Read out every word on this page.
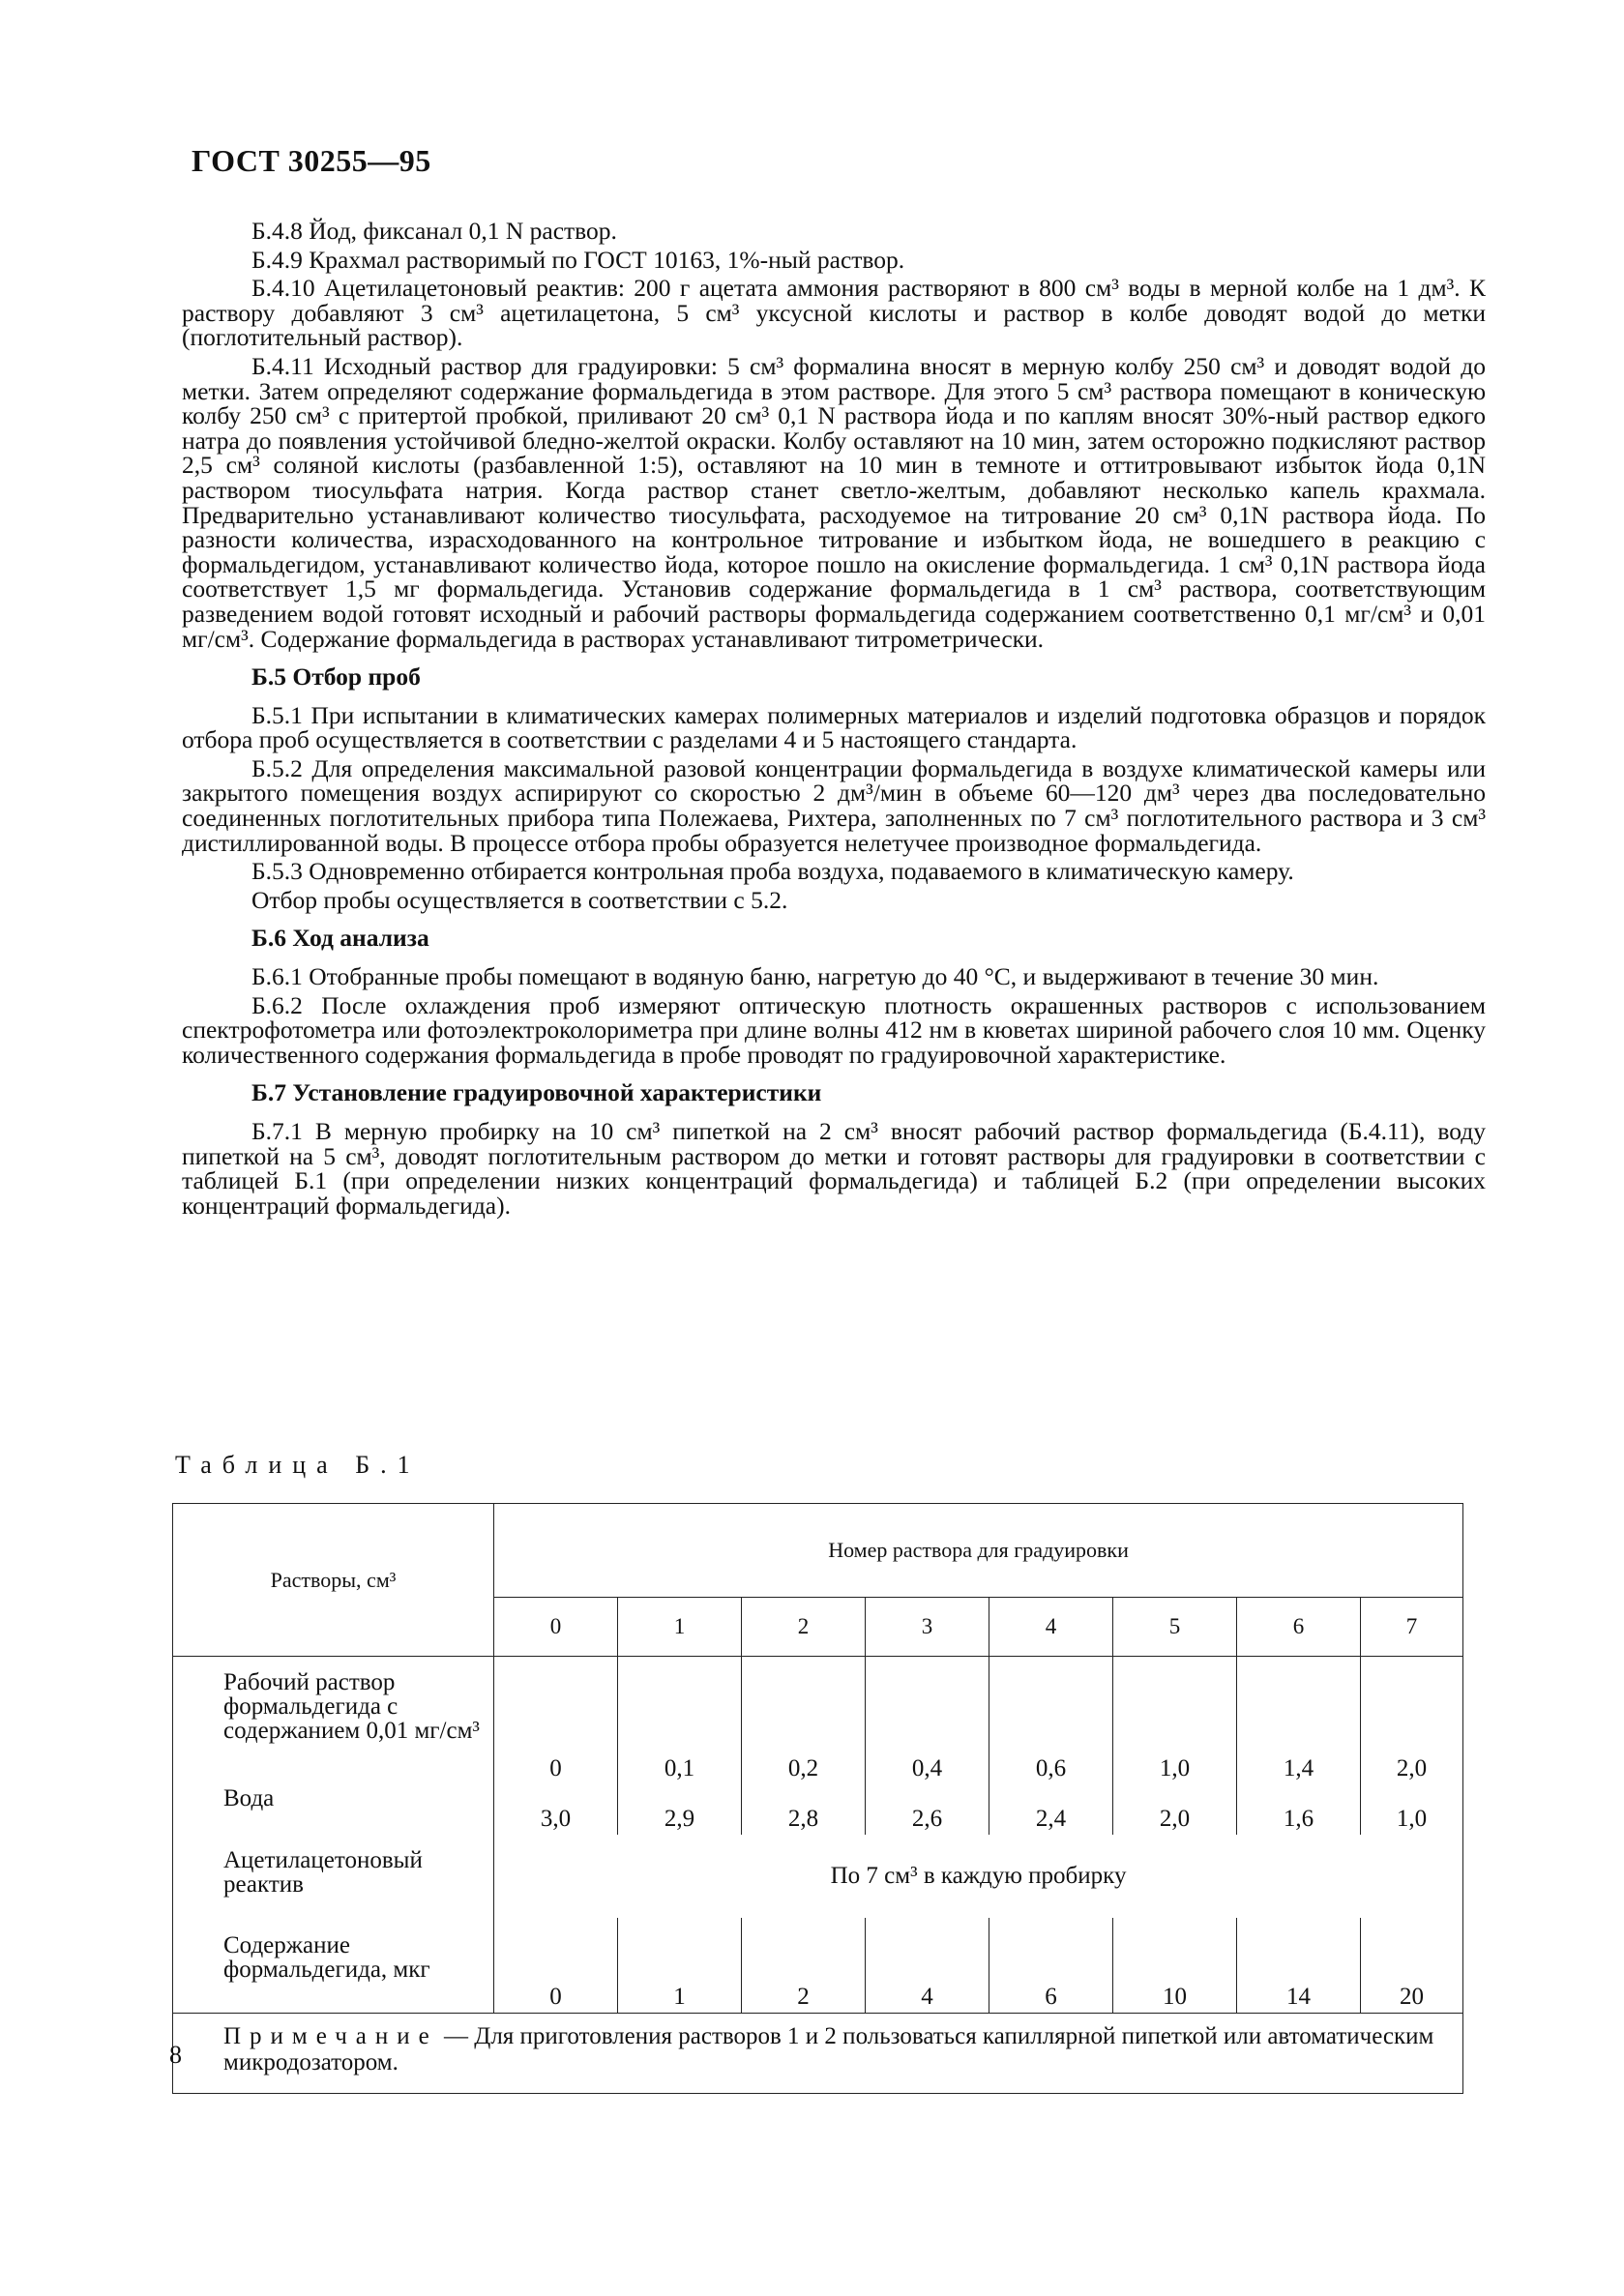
ГОСТ 30255—95

Б.4.8 Йод, фиксанал 0,1 N раствор.

Б.4.9 Крахмал растворимый по ГОСТ 10163, 1%-ный раствор.

Б.4.10 Ацетилацетоновый реактив: 200 г ацетата аммония растворяют в 800 см³ воды в мерной колбе на 1 дм³. К раствору добавляют 3 см³ ацетилацетона, 5 см³ уксусной кислоты и раствор в колбе доводят водой до метки (поглотительный раствор).

Б.4.11 Исходный раствор для градуировки: 5 см³ формалина вносят в мерную колбу 250 см³ и доводят водой до метки. Затем определяют содержание формальдегида в этом растворе. Для этого 5 см³ раствора помещают в коническую колбу 250 см³ с притертой пробкой, приливают 20 см³ 0,1 N раствора йода и по каплям вносят 30%-ный раствор едкого натра до появления устойчивой бледно-желтой окраски. Колбу оставляют на 10 мин, затем осторожно подкисляют раствор 2,5 см³ соляной кислоты (разбавленной 1:5), оставляют на 10 мин в темноте и оттитровывают избыток йода 0,1N раствором тиосульфата натрия. Когда раствор станет светло-желтым, добавляют несколько капель крахмала. Предварительно устанавливают количество тиосульфата, расходуемое на титрование 20 см³ 0,1N раствора йода. По разности количества, израсходованного на контрольное титрование и избытком йода, не вошедшего в реакцию с формальдегидом, устанавливают количество йода, которое пошло на окисление формальдегида. 1 см³ 0,1N раствора йода соответствует 1,5 мг формальдегида. Установив содержание формальдегида в 1 см³ раствора, соответствующим разведением водой готовят исходный и рабочий растворы формальдегида содержанием соответственно 0,1 мг/см³ и 0,01 мг/см³. Содержание формальдегида в растворах устанавливают титрометрически.

Б.5 Отбор проб

Б.5.1 При испытании в климатических камерах полимерных материалов и изделий подготовка образцов и порядок отбора проб осуществляется в соответствии с разделами 4 и 5 настоящего стандарта.

Б.5.2 Для определения максимальной разовой концентрации формальдегида в воздухе климатической камеры или закрытого помещения воздух аспирируют со скоростью 2 дм³/мин в объеме 60—120 дм³ через два последовательно соединенных поглотительных прибора типа Полежаева, Рихтера, заполненных по 7 см³ поглотительного раствора и 3 см³ дистиллированной воды. В процессе отбора пробы образуется нелетучее производное формальдегида.

Б.5.3 Одновременно отбирается контрольная проба воздуха, подаваемого в климатическую камеру.

Отбор пробы осуществляется в соответствии с 5.2.

Б.6 Ход анализа

Б.6.1 Отобранные пробы помещают в водяную баню, нагретую до 40 °С, и выдерживают в течение 30 мин.

Б.6.2 После охлаждения проб измеряют оптическую плотность окрашенных растворов с использованием спектрофотометра или фотоэлектроколориметра при длине волны 412 нм в кюветах шириной рабочего слоя 10 мм. Оценку количественного содержания формальдегида в пробе проводят по градуировочной характеристике.

Б.7 Установление градуировочной характеристики

Б.7.1 В мерную пробирку на 10 см³ пипеткой на 2 см³ вносят рабочий раствор формальдегида (Б.4.11), воду пипеткой на 5 см³, доводят поглотительным раствором до метки и готовят растворы для градуировки в соответствии с таблицей Б.1 (при определении низких концентраций формальдегида) и таблицей Б.2 (при определении высоких концентраций формальдегида).

Таблица Б.1
Растворы, см³	Номер раствора для градуировки							
	0	1	2	3	4	5	6	7
Рабочий раствор формальдегида с содержанием 0,01 мг/см³	0	0,1	0,2	0,4	0,6	1,0	1,4	2,0
Вода	3,0	2,9	2,8	2,6	2,4	2,0	1,6	1,0
Ацетилацетоновый реактив	По 7 см³ в каждую пробирку							
Содержание формальдегида, мкг	0	1	2	4	6	10	14	20
Примечание — Для приготовления растворов 1 и 2 пользоваться капиллярной пипеткой или автоматическим микродозатором.								
8
